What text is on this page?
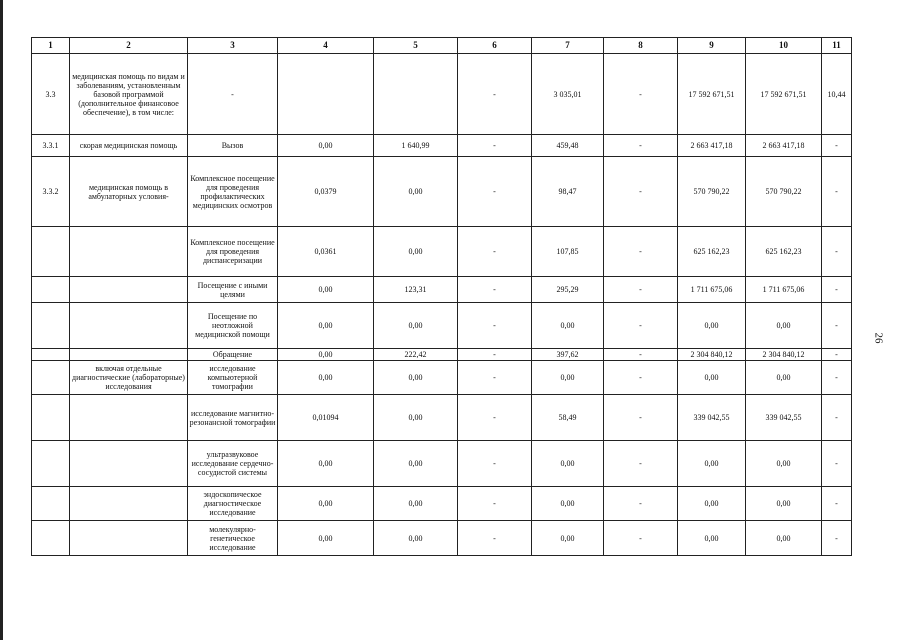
1	2	3	4	5	6	7	8	9	10	11
3.3	медицинская помощь по видам и заболеваниям, установленным базовой программой (дополнительное финансовое обеспечение), в том числе:	-			-	3 035,01	-	17 592 671,51	17 592 671,51	10,44
3.3.1	скорая медицинская помощь	Вызов	0,00	1 640,99	-	459,48	-	2 663 417,18	2 663 417,18	-
3.3.2	медицинская помощь в амбулаторных условия-	Комплексное посещение для проведения профилактических медицинских осмотров	0,0379	0,00	-	98,47	-	570 790,22	570 790,22	-
		Комплексное посещение для проведения диспансеризации	0,0361	0,00	-	107,85	-	625 162,23	625 162,23	-
		Посещение с иными целями	0,00	123,31	-	295,29	-	1 711 675,06	1 711 675,06	-
		Посещение по неотложной медицинской помощи	0,00	0,00	-	0,00	-	0,00	0,00	-
		Обращение	0,00	222,42	-	397,62	-	2 304 840,12	2 304 840,12	-
	включая отдельные диагностические (лабораторные) исследования	исследование компьютерной томографии	0,00	0,00	-	0,00	-	0,00	0,00	-
		исследование магнитно-резонансной томографии	0,01094	0,00	-	58,49	-	339 042,55	339 042,55	-
		ультразвуковое исследование сердечно-сосудистой системы	0,00	0,00	-	0,00	-	0,00	0,00	-
		эндоскопическое диагностическое исследование	0,00	0,00	-	0,00	-	0,00	0,00	-
		молекулярно-генетическое исследование	0,00	0,00	-	0,00	-	0,00	0,00	-
26
